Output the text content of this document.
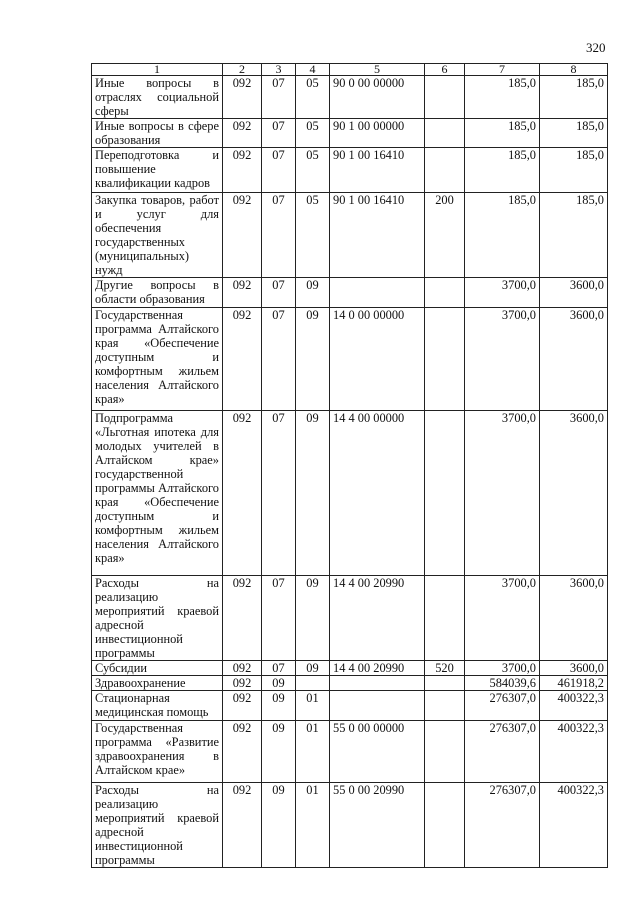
320
1	2	3	4	5	6	7	8
Иные вопросы в отраслях социальной сферы	092	07	05	90 0 00 00000		185,0	185,0
Иные вопросы в сфере образования	092	07	05	90 1 00 00000		185,0	185,0
Переподготовка и повышение квалификации кадров	092	07	05	90 1 00 16410		185,0	185,0
Закупка товаров, работ и услуг для обеспечения государственных (муниципальных) нужд	092	07	05	90 1 00 16410	200	185,0	185,0
Другие вопросы в области образования	092	07	09			3700,0	3600,0
Государственная программа Алтайского края «Обеспечение доступным и комфортным жильем населения Алтайского края»	092	07	09	14 0 00 00000		3700,0	3600,0
Подпрограмма «Льготная ипотека для молодых учителей в Алтайском крае» государственной программы Алтайского края «Обеспечение доступным и комфортным жильем населения Алтайского края»	092	07	09	14 4 00 00000		3700,0	3600,0
Расходы на реализацию мероприятий краевой адресной инвестиционной программы	092	07	09	14 4 00 20990		3700,0	3600,0
Субсидии	092	07	09	14 4 00 20990	520	3700,0	3600,0
Здравоохранение	092	09				584039,6	461918,2
Стационарная медицинская помощь	092	09	01			276307,0	400322,3
Государственная программа «Развитие здравоохранения в Алтайском крае»	092	09	01	55 0 00 00000		276307,0	400322,3
Расходы на реализацию мероприятий краевой адресной инвестиционной программы	092	09	01	55 0 00 20990		276307,0	400322,3
